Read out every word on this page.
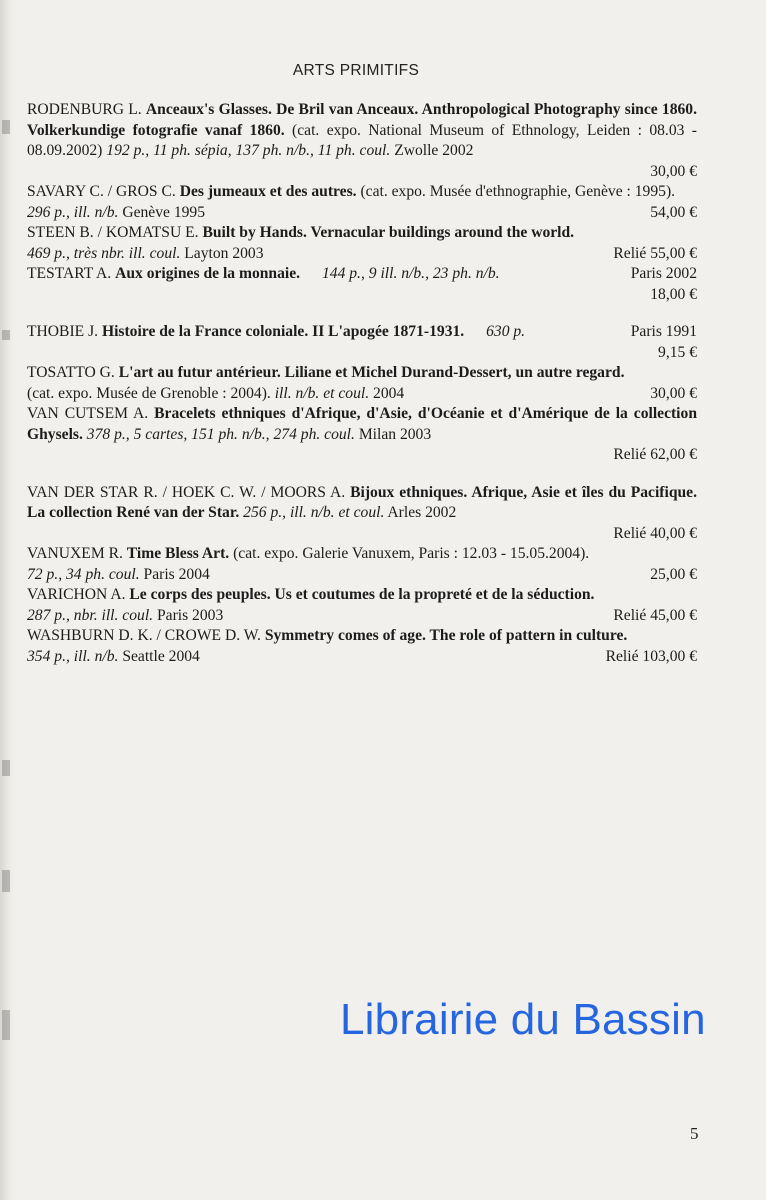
ARTS PRIMITIFS

RODENBURG L. Anceaux's Glasses. De Bril van Anceaux. Anthropological Photography since 1860. Volkerkundige fotografie vanaf 1860. (cat. expo. National Museum of Ethnology, Leiden : 08.03 - 08.09.2002) 192 p., 11 ph. sépia, 137 ph. n/b., 11 ph. coul. Zwolle 2002

30,00 €

SAVARY C. / GROS C. Des jumeaux et des autres. (cat. expo. Musée d'ethnographie, Genève : 1995).

296 p., ill. n/b. Genève 1995	54,00 €

STEEN B. / KOMATSU E. Built by Hands. Vernacular buildings around the world.

469 p., très nbr. ill. coul. Layton 2003	Relié 55,00 €
TESTART A. Aux origines de la monnaie. 144 p., 9 ill. n/b., 23 ph. n/b.	Paris 2002
18,00 €
THOBIE J. Histoire de la France coloniale. II L'apogée 1871-1931. 630 p.	Paris 1991
9,15 €

TOSATTO G. L'art au futur antérieur. Liliane et Michel Durand-Dessert, un autre regard.

(cat. expo. Musée de Grenoble : 2004). ill. n/b. et coul. 2004	30,00 €

VAN CUTSEM A. Bracelets ethniques d'Afrique, d'Asie, d'Océanie et d'Amérique de la collection Ghysels. 378 p., 5 cartes, 151 ph. n/b., 274 ph. coul. Milan 2003

Relié 62,00 €

VAN DER STAR R. / HOEK C. W. / MOORS A. Bijoux ethniques. Afrique, Asie et îles du Pacifique. La collection René van der Star. 256 p., ill. n/b. et coul. Arles 2002

Relié 40,00 €

VANUXEM R. Time Bless Art. (cat. expo. Galerie Vanuxem, Paris : 12.03 - 15.05.2004).

72 p., 34 ph. coul. Paris 2004	25,00 €

VARICHON A. Le corps des peuples. Us et coutumes de la propreté et de la séduction.

287 p., nbr. ill. coul. Paris 2003	Relié 45,00 €

WASHBURN D. K. / CROWE D. W. Symmetry comes of age. The role of pattern in culture.

354 p., ill. n/b. Seattle 2004	Relié 103,00 €
Librairie du Bassin
5
